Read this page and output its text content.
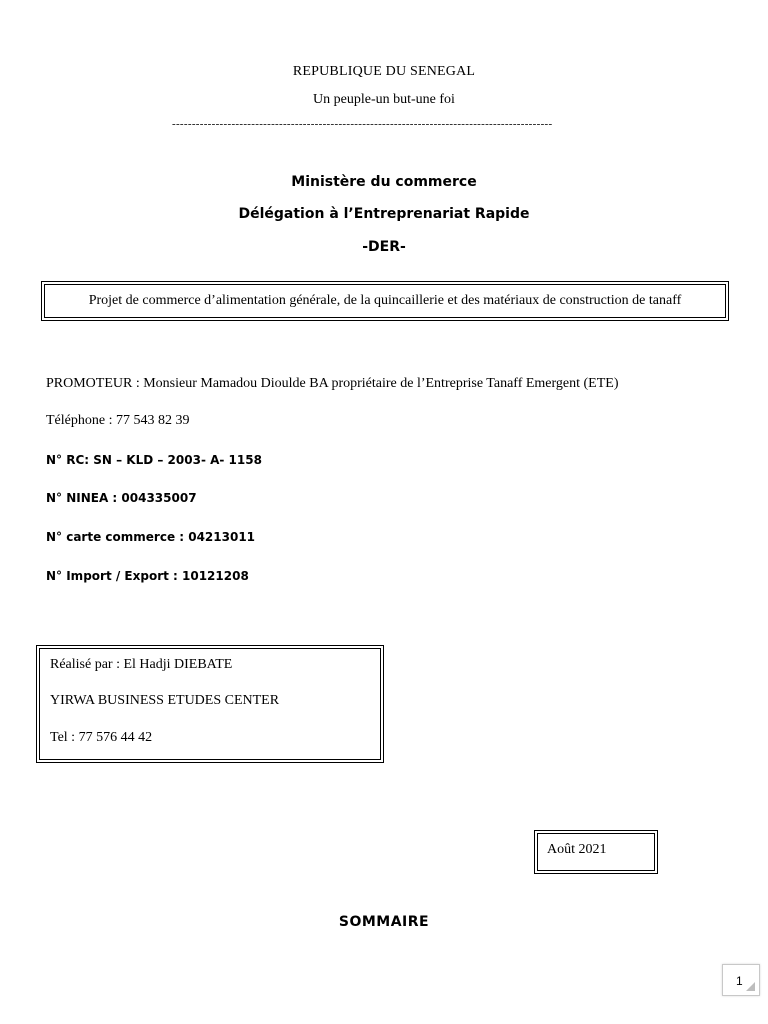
REPUBLIQUE DU SENEGAL
Un peuple-un but-une foi
------------------------------------------------------------------------------------------------
Ministère du commerce
Délégation à l’Entreprenariat Rapide
-DER-
Projet de commerce d’alimentation générale, de la quincaillerie et des matériaux de construction de tanaff
PROMOTEUR : Monsieur Mamadou Dioulde BA propriétaire de l’Entreprise Tanaff Emergent (ETE)
Téléphone : 77 543 82 39
N° RC: SN – KLD – 2003- A- 1158
N° NINEA : 004335007
N° carte commerce : 04213011
N° Import / Export : 10121208
Réalisé par : El Hadji DIEBATE
YIRWA BUSINESS ETUDES CENTER
Tel : 77 576 44 42
Août 2021
SOMMAIRE
1
